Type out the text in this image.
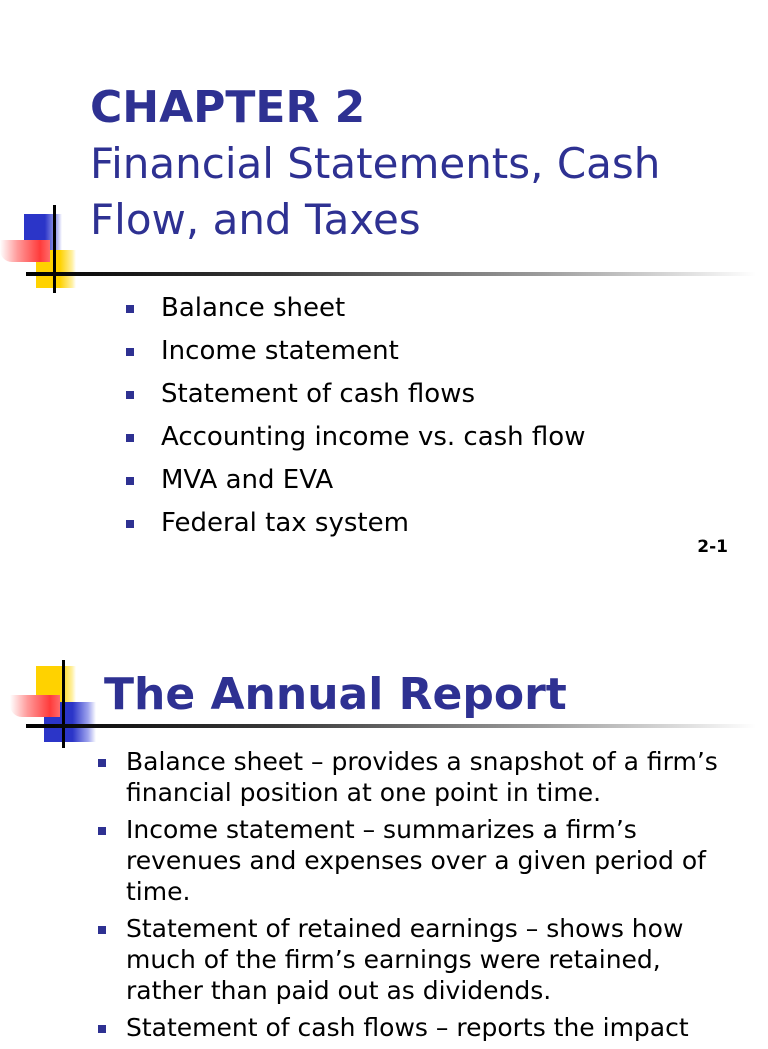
CHAPTER 2
Financial Statements, Cash
Flow, and Taxes
Balance sheet
Income statement
Statement of cash flows
Accounting income vs. cash flow
MVA and EVA
Federal tax system
2-1
Balance sheet – provides a snapshot of a firm’s financial position at one point in time.
Income statement – summarizes a firm’s revenues and expenses over a given period of time.
Statement of retained earnings – shows how much of the firm’s earnings were retained, rather than paid out as dividends.
Statement of cash flows – reports the impact
The Annual Report
